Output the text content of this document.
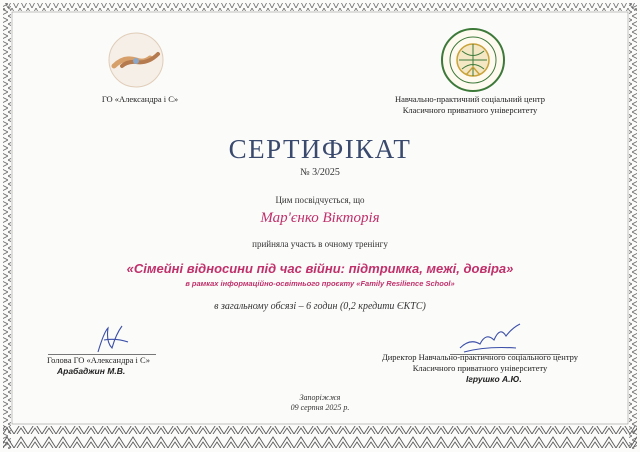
ГО «Александра і С»	Навчально-практичний соціальний центр
Класичного приватного університету
СЕРТИФІКАТ
№ 3/2025
Цим посвідчується, що
Мар'єнко Вікторія
прийняла участь в очному тренінгу
«Сімейні відносини під час війни: підтримка, межі, довіра»
в рамках інформаційно-освітнього проєкту «Family Resilience School»
в загальному обсязі – 6 годин (0,2 кредити ЄКТС)
Голова ГО «Александра і С»
Арабаджин М.В.
Директор Навчально-практичного соціального центру
Класичного приватного університету
Ігрушко А.Ю.
Запоріжжя
09 серпня 2025 р.
